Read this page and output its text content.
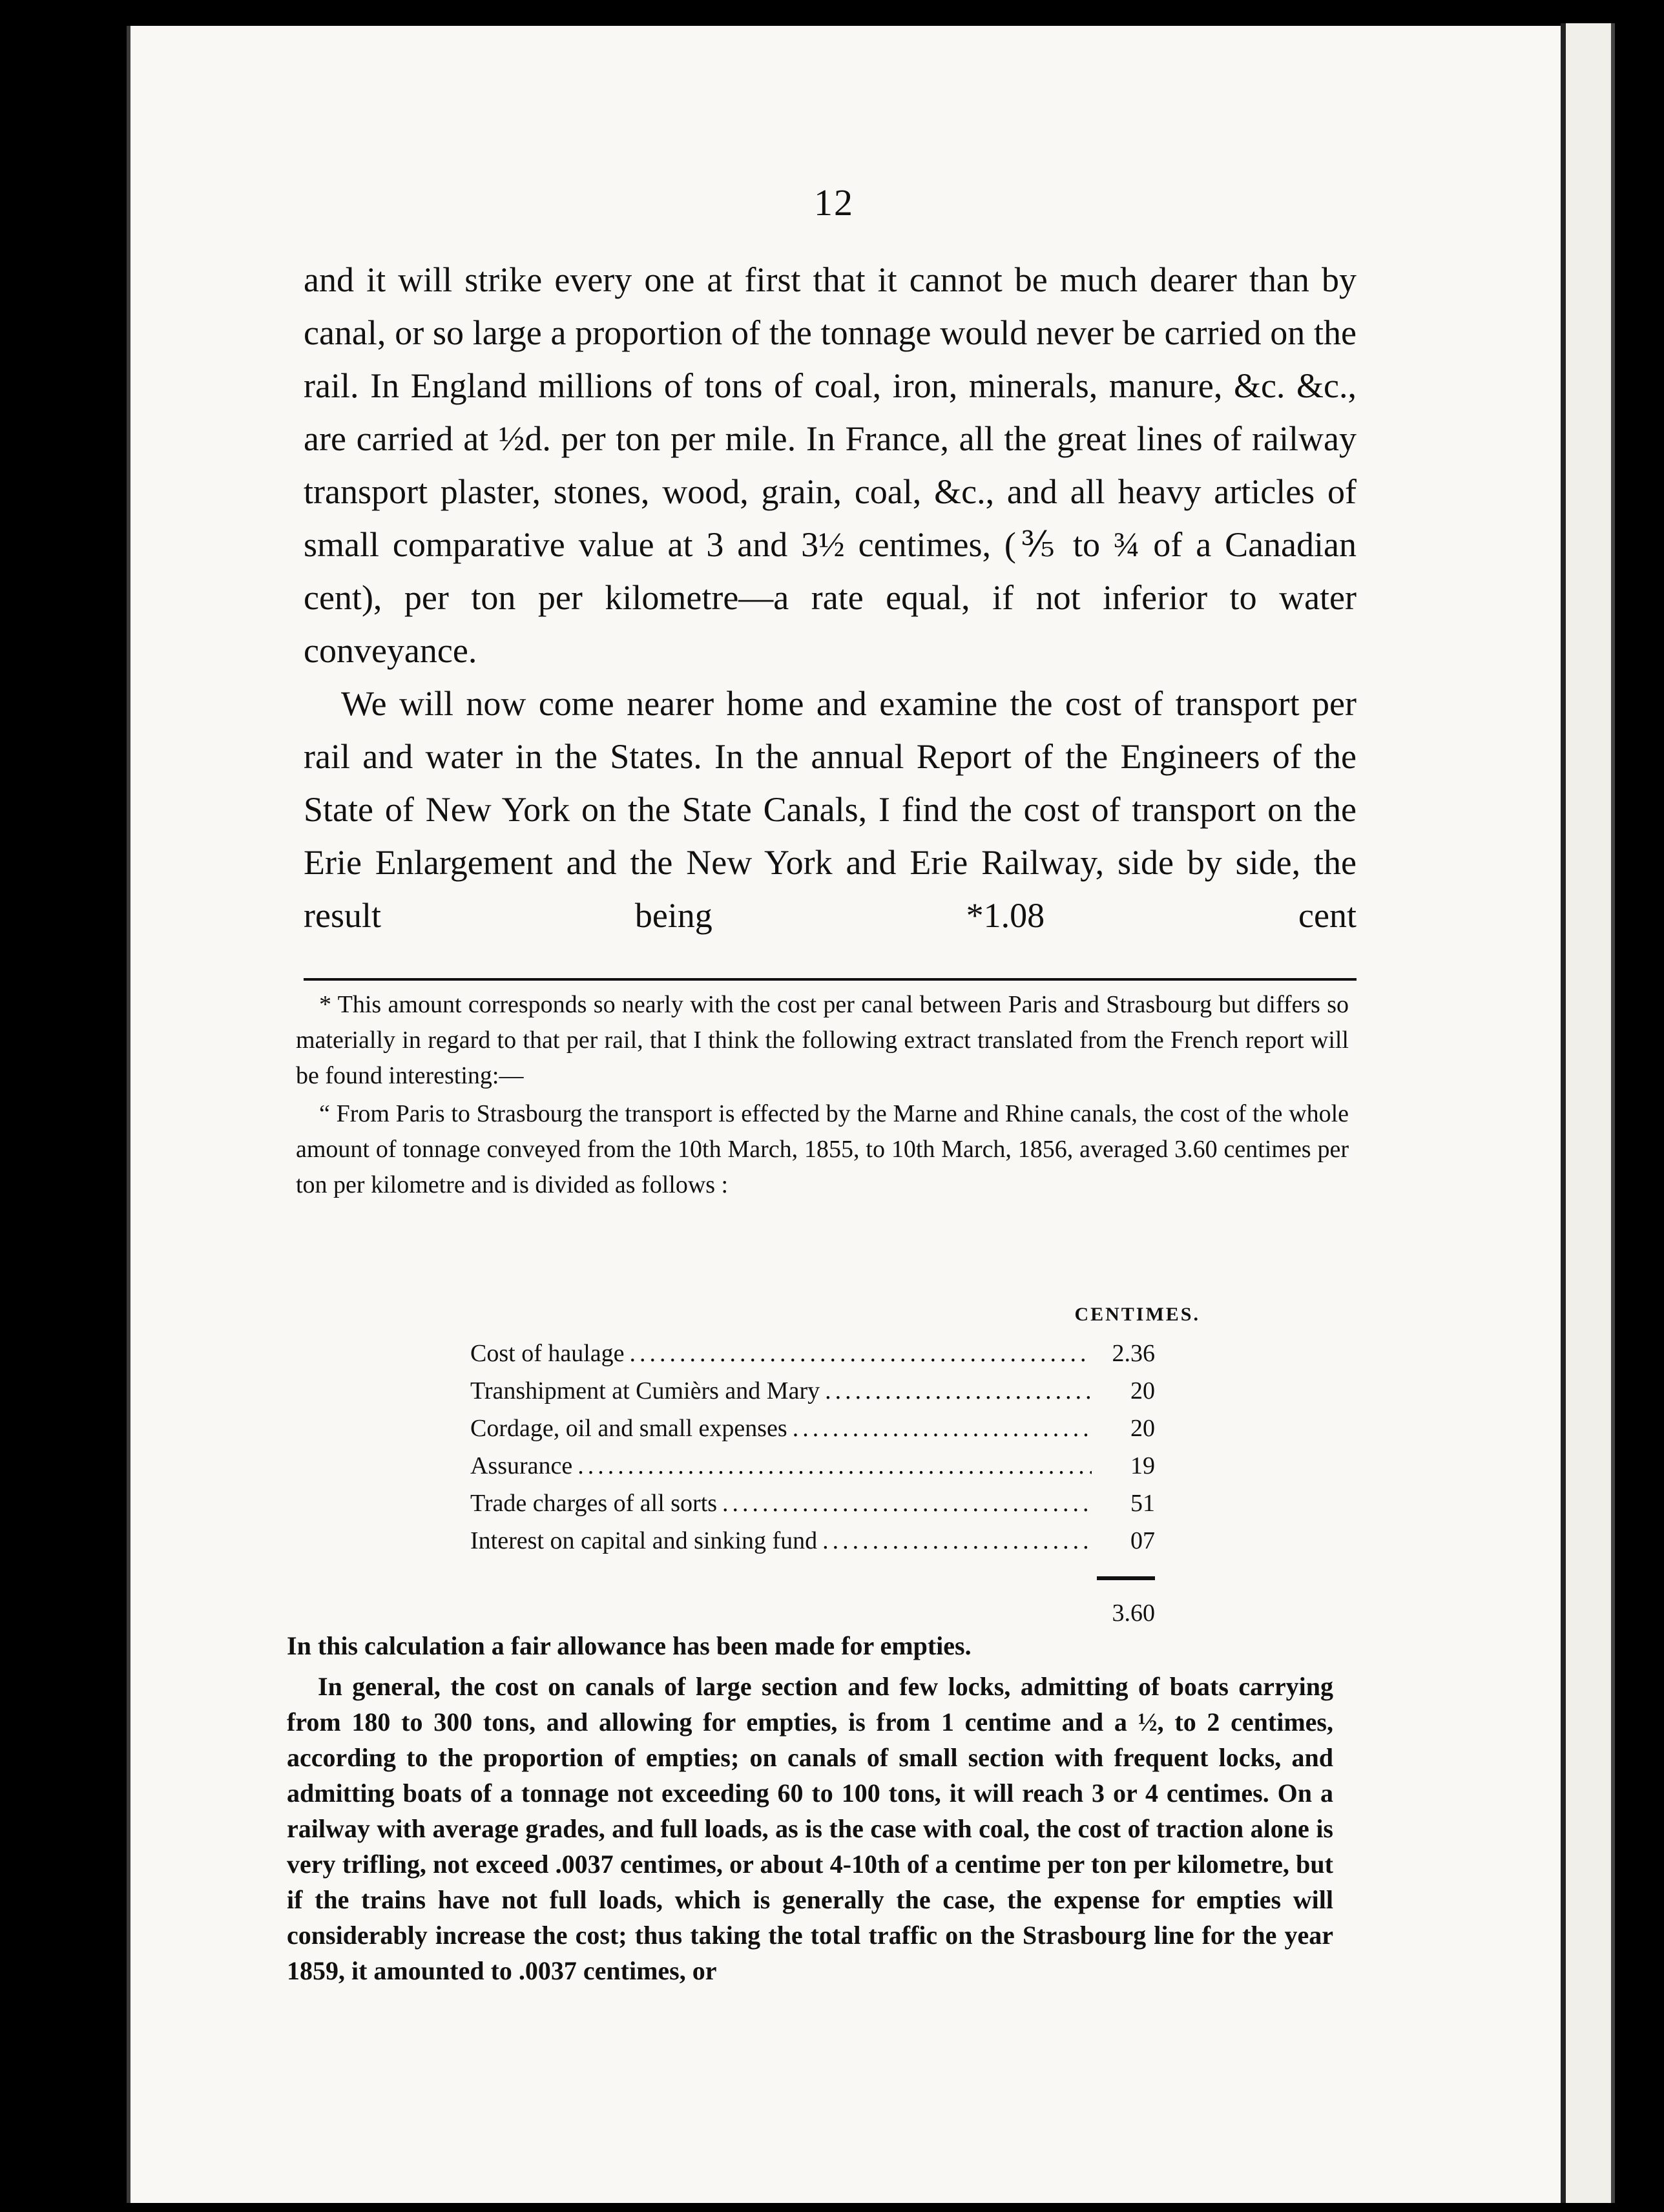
12

and it will strike every one at first that it cannot be much dearer than by canal, or so large a proportion of the tonnage would never be carried on the rail. In England millions of tons of coal, iron, minerals, manure, &c. &c., are carried at ½d. per ton per mile. In France, all the great lines of railway transport plaster, stones, wood, grain, coal, &c., and all heavy articles of small comparative value at 3 and 3½ centimes, (⅗ to ¾ of a Canadian cent), per ton per kilometre—a rate equal, if not inferior to water conveyance.

We will now come nearer home and examine the cost of transport per rail and water in the States. In the annual Report of the Engineers of the State of New York on the State Canals, I find the cost of transport on the Erie Enlargement and the New York and Erie Railway, side by side, the result being *1.08 cent

* This amount corresponds so nearly with the cost per canal between Paris and Strasbourg but differs so materially in regard to that per rail, that I think the following extract translated from the French report will be found interesting:—

“ From Paris to Strasbourg the transport is effected by the Marne and Rhine canals, the cost of the whole amount of tonnage conveyed from the 10th March, 1855, to 10th March, 1856, averaged 3.60 centimes per ton per kilometre and is divided as follows :

CENTIMES.
Cost of haulage .....	2.36
Transhipment at Cumièrs and Mary .....	20
Cordage, oil and small expenses .....	20
Assurance .....	19
Trade charges of all sorts .....	51
Interest on capital and sinking fund .....	07
3.60

In this calculation a fair allowance has been made for empties.

In general, the cost on canals of large section and few locks, admitting of boats carrying from 180 to 300 tons, and allowing for empties, is from 1 centime and a ½, to 2 centimes, according to the proportion of empties; on canals of small section with frequent locks, and admitting boats of a tonnage not exceeding 60 to 100 tons, it will reach 3 or 4 centimes. On a railway with average grades, and full loads, as is the case with coal, the cost of traction alone is very trifling, not exceed .0037 centimes, or about 4-10th of a centime per ton per kilometre, but if the trains have not full loads, which is generally the case, the expense for empties will considerably increase the cost; thus taking the total traffic on the Strasbourg line for the year 1859, it amounted to .0037 centimes, or
